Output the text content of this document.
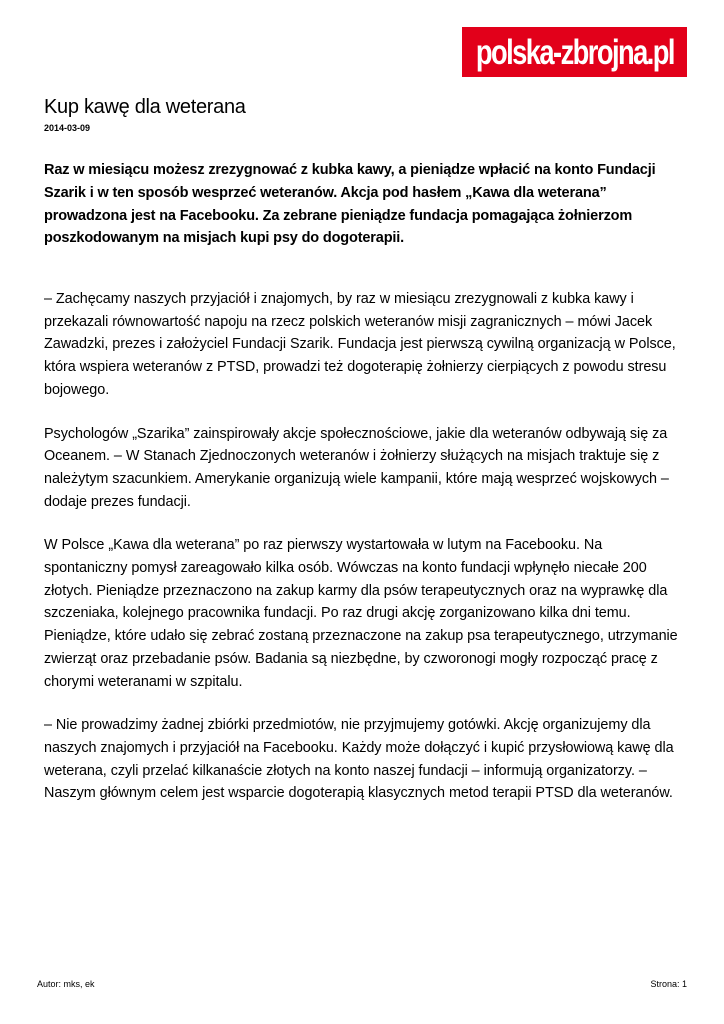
polska-zbrojna.pl
Kup kawę dla weterana
2014-03-09

Raz w miesiącu możesz zrezygnować z kubka kawy, a pieniądze wpłacić na konto Fundacji Szarik i w ten sposób wesprzeć weteranów. Akcja pod hasłem „Kawa dla weterana” prowadzona jest na Facebooku. Za zebrane pieniądze fundacja pomagająca żołnierzom poszkodowanym na misjach kupi psy do dogoterapii.

– Zachęcamy naszych przyjaciół i znajomych, by raz w miesiącu zrezygnowali z kubka kawy i przekazali równowartość napoju na rzecz polskich weteranów misji zagranicznych – mówi Jacek Zawadzki, prezes i założyciel Fundacji Szarik. Fundacja jest pierwszą cywilną organizacją w Polsce, która wspiera weteranów z PTSD, prowadzi też dogoterapię żołnierzy cierpiących z powodu stresu bojowego.

Psychologów „Szarika” zainspirowały akcje społecznościowe, jakie dla weteranów odbywają się za Oceanem. – W Stanach Zjednoczonych weteranów i żołnierzy służących na misjach traktuje się z należytym szacunkiem. Amerykanie organizują wiele kampanii, które mają wesprzeć wojskowych – dodaje prezes fundacji.

W Polsce „Kawa dla weterana” po raz pierwszy wystartowała w lutym na Facebooku. Na spontaniczny pomysł zareagowało kilka osób. Wówczas na konto fundacji wpłynęło niecałe 200 złotych. Pieniądze przeznaczono na zakup karmy dla psów terapeutycznych oraz na wyprawkę dla szczeniaka, kolejnego pracownika fundacji. Po raz drugi akcję zorganizowano kilka dni temu. Pieniądze, które udało się zebrać zostaną przeznaczone na zakup psa terapeutycznego, utrzymanie zwierząt oraz przebadanie psów. Badania są niezbędne, by czworonogi mogły rozpocząć pracę z chorymi weteranami w szpitalu.

– Nie prowadzimy żadnej zbiórki przedmiotów, nie przyjmujemy gotówki. Akcję organizujemy dla naszych znajomych i przyjaciół na Facebooku. Każdy może dołączyć i kupić przysłowiową kawę dla weterana, czyli przelać kilkanaście złotych na konto naszej fundacji – informują organizatorzy. – Naszym głównym celem jest wsparcie dogoterapią klasycznych metod terapii PTSD dla weteranów.

Autor: mks, ek	Strona: 1
